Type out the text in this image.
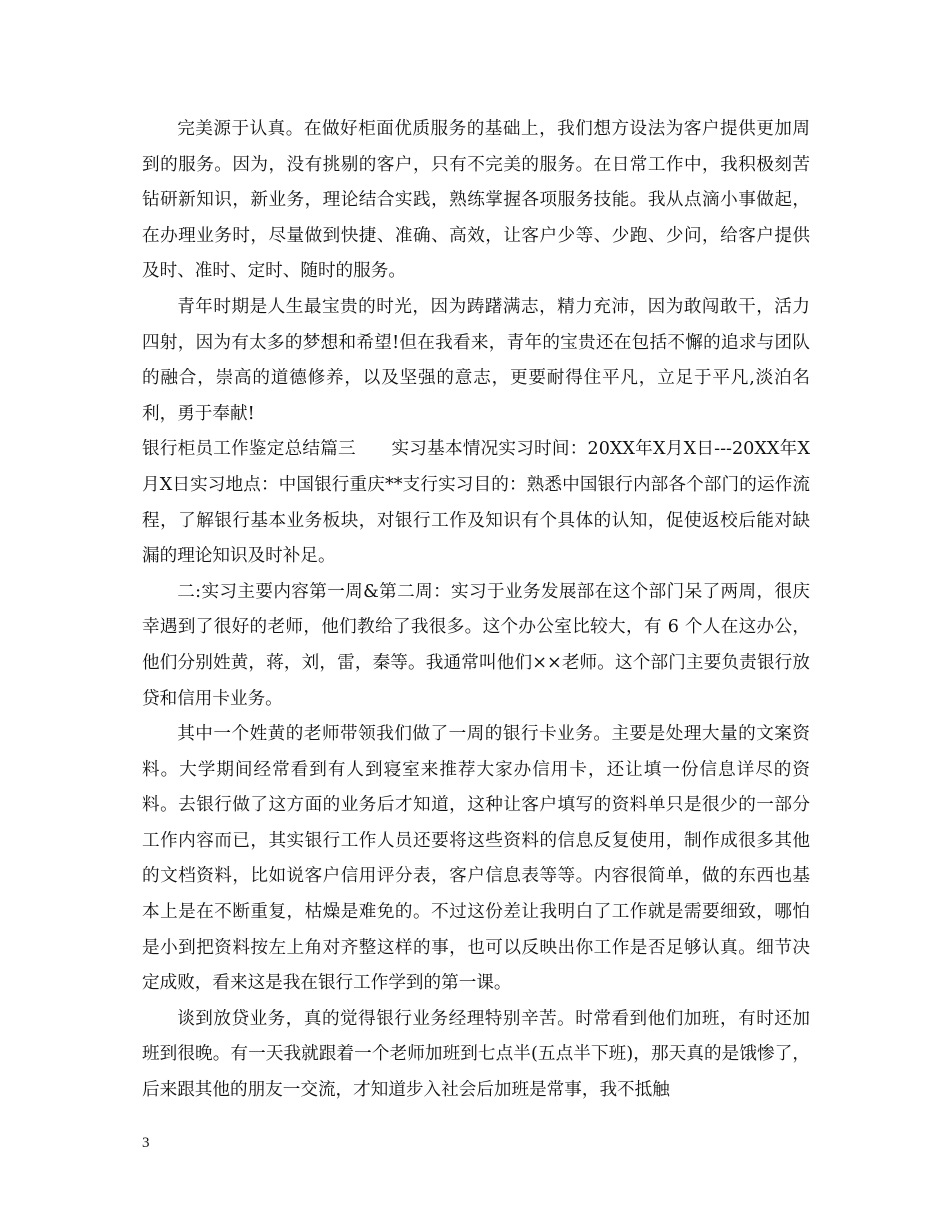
完美源于认真。在做好柜面优质服务的基础上，我们想方设法为客户提供更加周到的服务。因为，没有挑剔的客户，只有不完美的服务。在日常工作中，我积极刻苦钻研新知识，新业务，理论结合实践，熟练掌握各项服务技能。我从点滴小事做起，在办理业务时，尽量做到快捷、准确、高效，让客户少等、少跑、少问，给客户提供及时、准时、定时、随时的服务。

青年时期是人生最宝贵的时光，因为踌躇满志，精力充沛，因为敢闯敢干，活力四射，因为有太多的梦想和希望!但在我看来，青年的宝贵还在包括不懈的追求与团队的融合，崇高的道德修养，以及坚强的意志，更要耐得住平凡，立足于平凡,淡泊名利，勇于奉献!

银行柜员工作鉴定总结篇三　　实习基本情况实习时间：20XX年X月X日---20XX年X月X日实习地点：中国银行重庆**支行实习目的：熟悉中国银行内部各个部门的运作流程，了解银行基本业务板块，对银行工作及知识有个具体的认知，促使返校后能对缺漏的理论知识及时补足。

二:实习主要内容第一周&第二周：实习于业务发展部在这个部门呆了两周，很庆幸遇到了很好的老师，他们教给了我很多。这个办公室比较大，有 6 个人在这办公，他们分别姓黄，蒋，刘，雷，秦等。我通常叫他们××老师。这个部门主要负责银行放贷和信用卡业务。

其中一个姓黄的老师带领我们做了一周的银行卡业务。主要是处理大量的文案资料。大学期间经常看到有人到寝室来推荐大家办信用卡，还让填一份信息详尽的资料。去银行做了这方面的业务后才知道，这种让客户填写的资料单只是很少的一部分工作内容而已，其实银行工作人员还要将这些资料的信息反复使用，制作成很多其他的文档资料，比如说客户信用评分表，客户信息表等等。内容很简单，做的东西也基本上是在不断重复，枯燥是难免的。不过这份差让我明白了工作就是需要细致，哪怕是小到把资料按左上角对齐整这样的事，也可以反映出你工作是否足够认真。细节决定成败，看来这是我在银行工作学到的第一课。

谈到放贷业务，真的觉得银行业务经理特别辛苦。时常看到他们加班，有时还加班到很晚。有一天我就跟着一个老师加班到七点半(五点半下班)，那天真的是饿惨了，后来跟其他的朋友一交流，才知道步入社会后加班是常事，我不抵触

3
